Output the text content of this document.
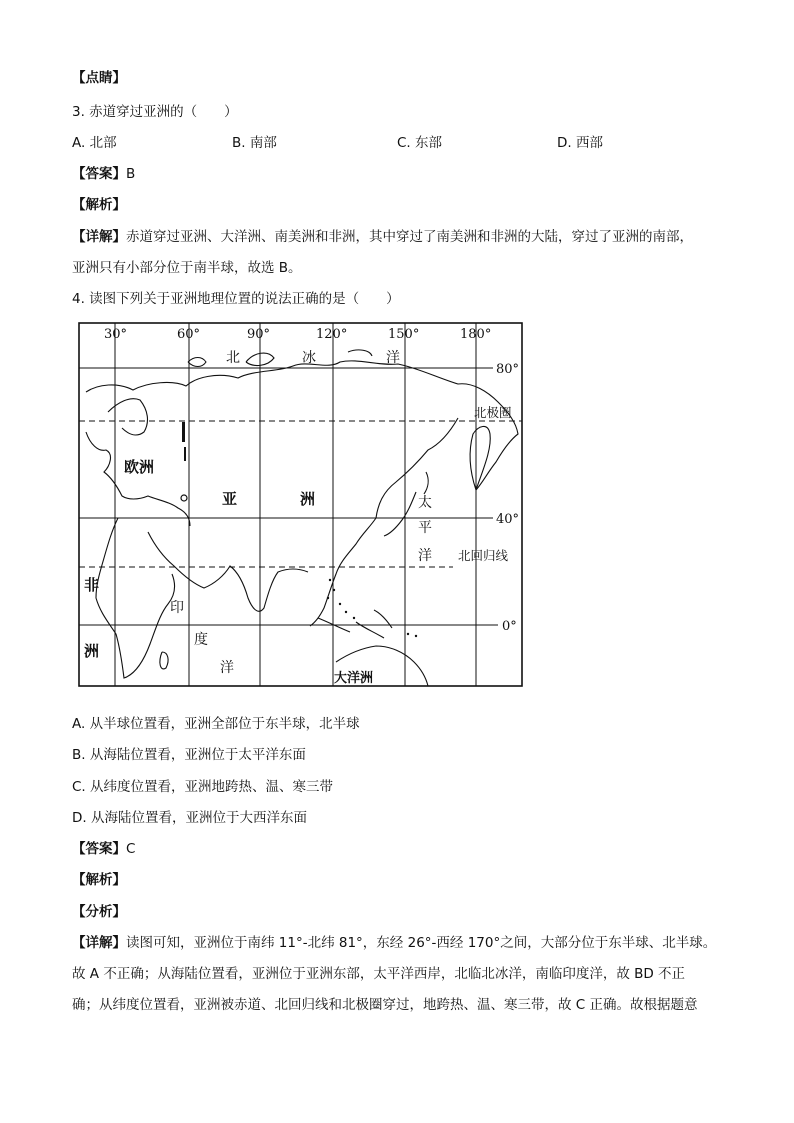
【点睛】
3. 赤道穿过亚洲的（　　）
A. 北部	B. 南部	C. 东部	D. 西部
【答案】B
【解析】
【详解】赤道穿过亚洲、大洋洲、南美洲和非洲，其中穿过了南美洲和非洲的大陆，穿过了亚洲的南部，
亚洲只有小部分位于南半球，故选 B。
4. 读图下列关于亚洲地理位置的说法正确的是（　　）
30°	60°	90°	120°	150°	180°
80°
40°
0°
北极圈
北回归线
北	冰	洋
太
平
洋
印
度
洋
欧洲
亚	洲
非
洲
大洋洲
A. 从半球位置看，亚洲全部位于东半球，北半球
B. 从海陆位置看，亚洲位于太平洋东面
C. 从纬度位置看，亚洲地跨热、温、寒三带
D. 从海陆位置看，亚洲位于大西洋东面
【答案】C
【解析】
【分析】
【详解】读图可知，亚洲位于南纬 11°-北纬 81°，东经 26°-西经 170°之间，大部分位于东半球、北半球。
故 A 不正确；从海陆位置看，亚洲位于亚洲东部，太平洋西岸，北临北冰洋，南临印度洋，故 BD 不正
确；从纬度位置看，亚洲被赤道、北回归线和北极圈穿过，地跨热、温、寒三带，故 C 正确。故根据题意
